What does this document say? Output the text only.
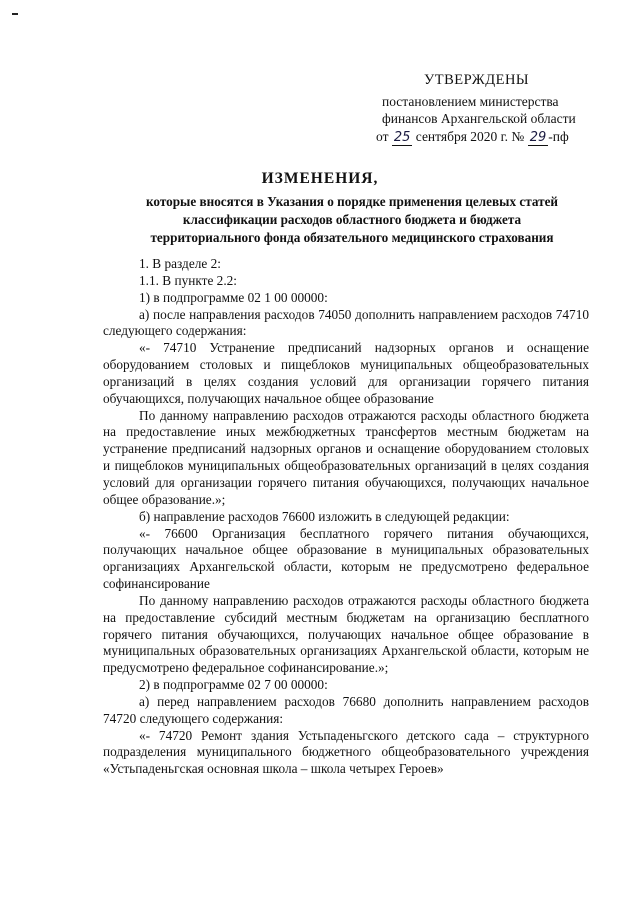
УТВЕРЖДЕНЫ
постановлением министерства
финансов Архангельской области
от 25 сентября 2020 г. № 29 -пф
ИЗМЕНЕНИЯ,
которые вносятся в Указания о порядке применения целевых статей
классификации расходов областного бюджета и бюджета
территориального фонда обязательного медицинского страхования
1. В разделе 2:
1.1. В пункте 2.2:
1) в подпрограмме 02 1 00 00000:
а) после направления расходов 74050 дополнить направлением расходов 74710 следующего содержания:
«- 74710 Устранение предписаний надзорных органов и оснащение оборудованием столовых и пищеблоков муниципальных общеобразовательных организаций в целях создания условий для организации горячего питания обучающихся, получающих начальное общее образование
По данному направлению расходов отражаются расходы областного бюджета на предоставление иных межбюджетных трансфертов местным бюджетам на устранение предписаний надзорных органов и оснащение оборудованием столовых и пищеблоков муниципальных общеобразовательных организаций в целях создания условий для организации горячего питания обучающихся, получающих начальное общее образование.»;
б) направление расходов 76600 изложить в следующей редакции:
«- 76600 Организация бесплатного горячего питания обучающихся, получающих начальное общее образование в муниципальных образовательных организациях Архангельской области, которым не предусмотрено федеральное софинансирование
По данному направлению расходов отражаются расходы областного бюджета на предоставление субсидий местным бюджетам на организацию бесплатного горячего питания обучающихся, получающих начальное общее образование в муниципальных образовательных организациях Архангельской области, которым не предусмотрено федеральное софинансирование.»;
2) в подпрограмме 02 7 00 00000:
а) перед направлением расходов 76680 дополнить направлением расходов 74720 следующего содержания:
«- 74720 Ремонт здания Устьпаденьгского детского сада – структурного подразделения муниципального бюджетного общеобразовательного учреждения «Устьпаденьгская основная школа – школа четырех Героев»
